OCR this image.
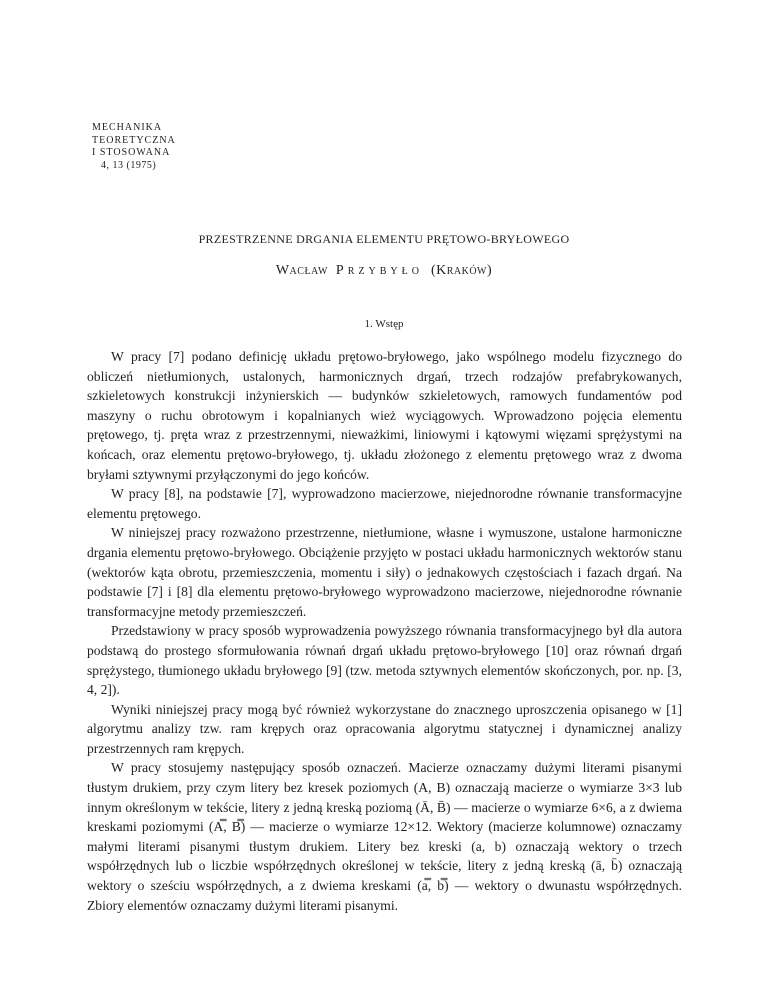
MECHANIKA
TEORETYCZNA
I STOSOWANA
4, 13 (1975)
PRZESTRZENNE DRGANIA ELEMENTU PRĘTOWO-BRYŁOWEGO
Wacław Przybyło (Kraków)
1. Wstęp

W pracy [7] podano definicję układu prętowo-bryłowego, jako wspólnego modelu fizycznego do obliczeń nietłumionych, ustalonych, harmonicznych drgań, trzech rodzajów prefabrykowanych, szkieletowych konstrukcji inżynierskich — budynków szkieletowych, ramowych fundamentów pod maszyny o ruchu obrotowym i kopalnianych wież wyciągowych. Wprowadzono pojęcia elementu prętowego, tj. pręta wraz z przestrzennymi, nieważkimi, liniowymi i kątowymi więzami sprężystymi na końcach, oraz elementu prętowo-bryłowego, tj. układu złożonego z elementu prętowego wraz z dwoma bryłami sztywnymi przyłączonymi do jego końców.

W pracy [8], na podstawie [7], wyprowadzono macierzowe, niejednorodne równanie transformacyjne elementu prętowego.

W niniejszej pracy rozważono przestrzenne, nietłumione, własne i wymuszone, ustalone harmoniczne drgania elementu prętowo-bryłowego. Obciążenie przyjęto w postaci układu harmonicznych wektorów stanu (wektorów kąta obrotu, przemieszczenia, momentu i siły) o jednakowych częstościach i fazach drgań. Na podstawie [7] i [8] dla elementu prętowo-bryłowego wyprowadzono macierzowe, niejednorodne równanie transformacyjne metody przemieszczeń.

Przedstawiony w pracy sposób wyprowadzenia powyższego równania transformacyjnego był dla autora podstawą do prostego sformułowania równań drgań układu prętowo-bryłowego [10] oraz równań drgań sprężystego, tłumionego układu bryłowego [9] (tzw. metoda sztywnych elementów skończonych, por. np. [3, 4, 2]).

Wyniki niniejszej pracy mogą być również wykorzystane do znacznego uproszczenia opisanego w [1] algorytmu analizy tzw. ram krępych oraz opracowania algorytmu statycznej i dynamicznej analizy przestrzennych ram krępych.

W pracy stosujemy następujący sposób oznaczeń. Macierze oznaczamy dużymi literami pisanymi tłustym drukiem, przy czym litery bez kresek poziomych (A, B) oznaczają macierze o wymiarze 3×3 lub innym określonym w tekście, litery z jedną kreską poziomą (Ā, B̄) — macierze o wymiarze 6×6, a z dwiema kreskami poziomymi (A̿, B̿) — macierze o wymiarze 12×12. Wektory (macierze kolumnowe) oznaczamy małymi literami pisanymi tłustym drukiem. Litery bez kreski (a, b) oznaczają wektory o trzech współrzędnych lub o liczbie współrzędnych określonej w tekście, litery z jedną kreską (ā, b̄) oznaczają wektory o sześciu współrzędnych, a z dwiema kreskami (a̿, b̿) — wektory o dwunastu współrzędnych. Zbiory elementów oznaczamy dużymi literami pisanymi.
